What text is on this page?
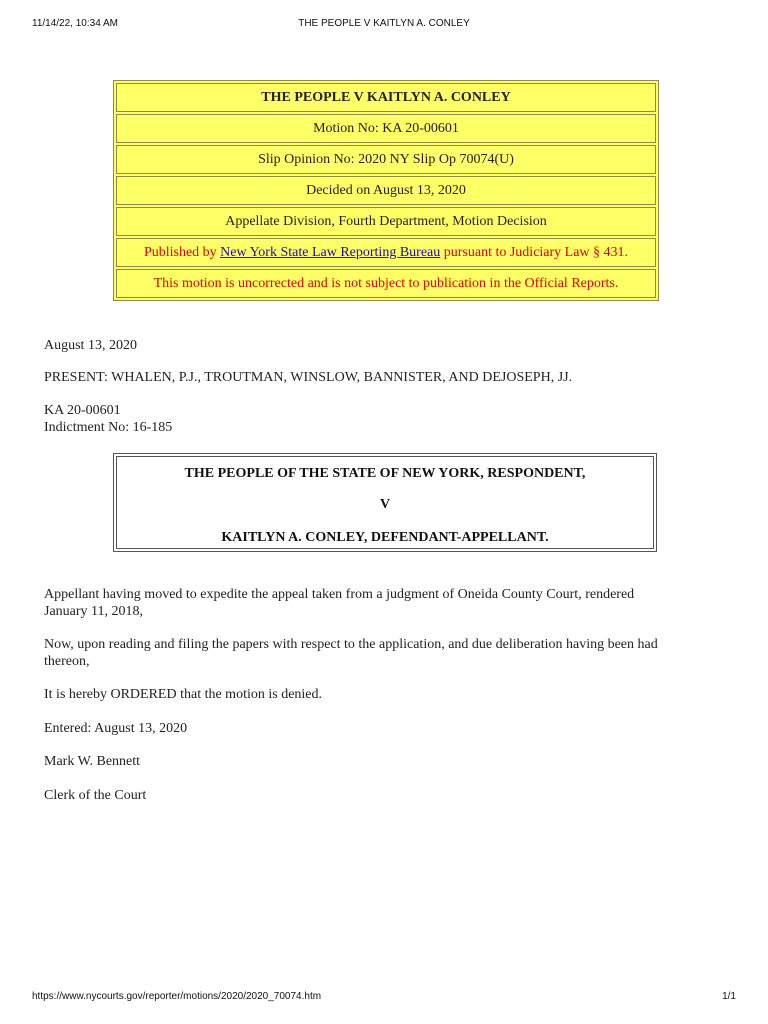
11/14/22, 10:34 AM	THE PEOPLE V KAITLYN A. CONLEY
THE PEOPLE V KAITLYN A. CONLEY
Motion No: KA 20-00601
Slip Opinion No: 2020 NY Slip Op 70074(U)
Decided on August 13, 2020
Appellate Division, Fourth Department, Motion Decision
Published by New York State Law Reporting Bureau pursuant to Judiciary Law § 431.
This motion is uncorrected and is not subject to publication in the Official Reports.
August 13, 2020
PRESENT: WHALEN, P.J., TROUTMAN, WINSLOW, BANNISTER, AND DEJOSEPH, JJ.
KA 20-00601
Indictment No: 16-185
THE PEOPLE OF THE STATE OF NEW YORK, RESPONDENT,
V
KAITLYN A. CONLEY, DEFENDANT-APPELLANT.
Appellant having moved to expedite the appeal taken from a judgment of Oneida County Court, rendered
January 11, 2018,
Now, upon reading and filing the papers with respect to the application, and due deliberation having been had
thereon,
It is hereby ORDERED that the motion is denied.
Entered: August 13, 2020
Mark W. Bennett
Clerk of the Court
https://www.nycourts.gov/reporter/motions/2020/2020_70074.htm	1/1
